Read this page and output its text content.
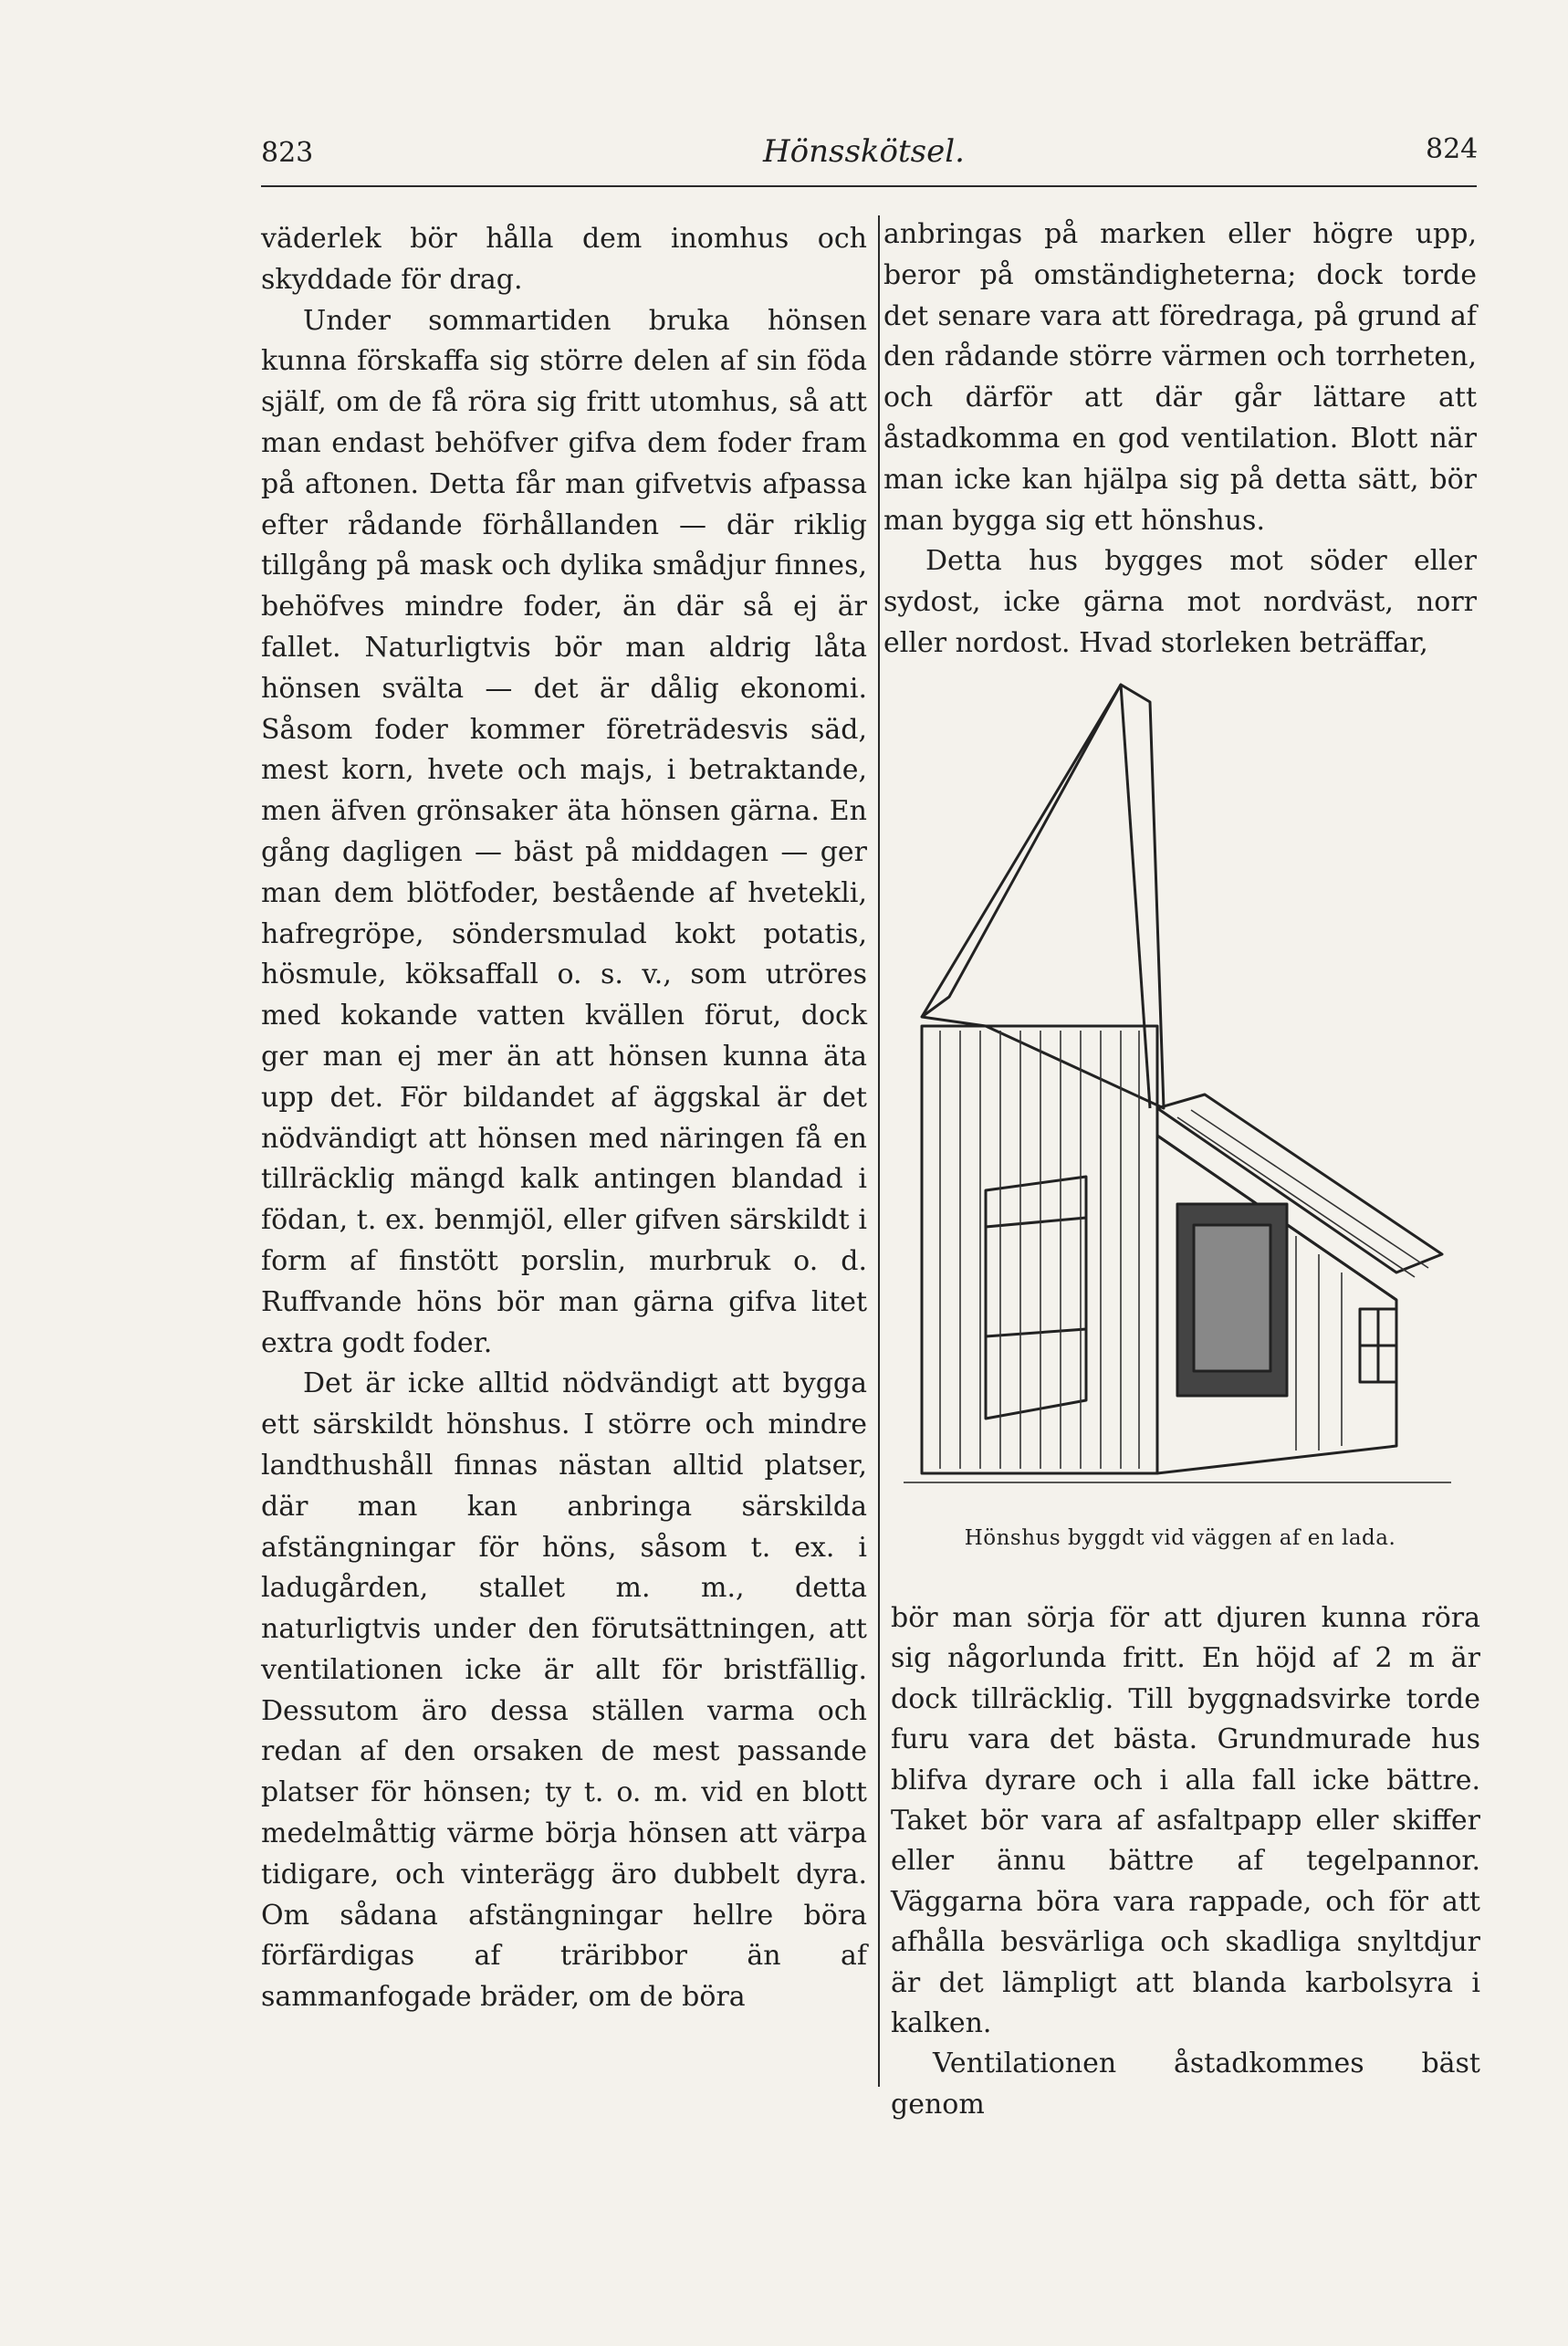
823	Hönsskötsel.	824

väderlek bör hålla dem inomhus och skyddade för drag.

Under sommartiden bruka hönsen kunna förskaffa sig större delen af sin föda själf, om de få röra sig fritt utomhus, så att man endast behöfver gifva dem foder fram på aftonen. Detta får man gifvetvis afpassa efter rådande förhållanden — där riklig tillgång på mask och dylika smådjur finnes, behöfves mindre foder, än där så ej är fallet. Naturligtvis bör man aldrig låta hönsen svälta — det är dålig ekonomi. Såsom foder kommer företrädesvis säd, mest korn, hvete och majs, i betraktande, men äfven grönsaker äta hönsen gärna. En gång dagligen — bäst på middagen — ger man dem blötfoder, bestående af hvetekli, hafregröpe, söndersmulad kokt potatis, hösmule, köksaffall o. s. v., som utröres med kokande vatten kvällen förut, dock ger man ej mer än att hönsen kunna äta upp det. För bildandet af äggskal är det nödvändigt att hönsen med näringen få en tillräcklig mängd kalk antingen blandad i födan, t. ex. benmjöl, eller gifven särskildt i form af finstött porslin, murbruk o. d. Ruffvande höns bör man gärna gifva litet extra godt foder.

Det är icke alltid nödvändigt att bygga ett särskildt hönshus. I större och mindre landthushåll finnas nästan alltid platser, där man kan anbringa särskilda afstängningar för höns, såsom t. ex. i ladugården, stallet m. m., detta naturligtvis under den förutsättningen, att ventilationen icke är allt för bristfällig. Dessutom äro dessa ställen varma och redan af den orsaken de mest passande platser för hönsen; ty t. o. m. vid en blott medelmåttig värme börja hönsen att värpa tidigare, och vinterägg äro dubbelt dyra. Om sådana afstängningar hellre böra förfärdigas af träribbor än af sammanfogade bräder, om de böra

anbringas på marken eller högre upp, beror på omständigheterna; dock torde det senare vara att föredraga, på grund af den rådande större värmen och torrheten, och därför att där går lättare att åstadkomma en god ventilation. Blott när man icke kan hjälpa sig på detta sätt, bör man bygga sig ett hönshus.

Detta hus bygges mot söder eller sydost, icke gärna mot nordväst, norr eller nordost. Hvad storleken beträffar,

Hönshus byggdt vid väggen af en lada.

bör man sörja för att djuren kunna röra sig någorlunda fritt. En höjd af 2 m är dock tillräcklig. Till byggnadsvirke torde furu vara det bästa. Grundmurade hus blifva dyrare och i alla fall icke bättre. Taket bör vara af asfaltpapp eller skiffer eller ännu bättre af tegelpannor. Väggarna böra vara rappade, och för att afhålla besvärliga och skadliga snyltdjur är det lämpligt att blanda karbolsyra i kalken.

Ventilationen åstadkommes bäst genom
